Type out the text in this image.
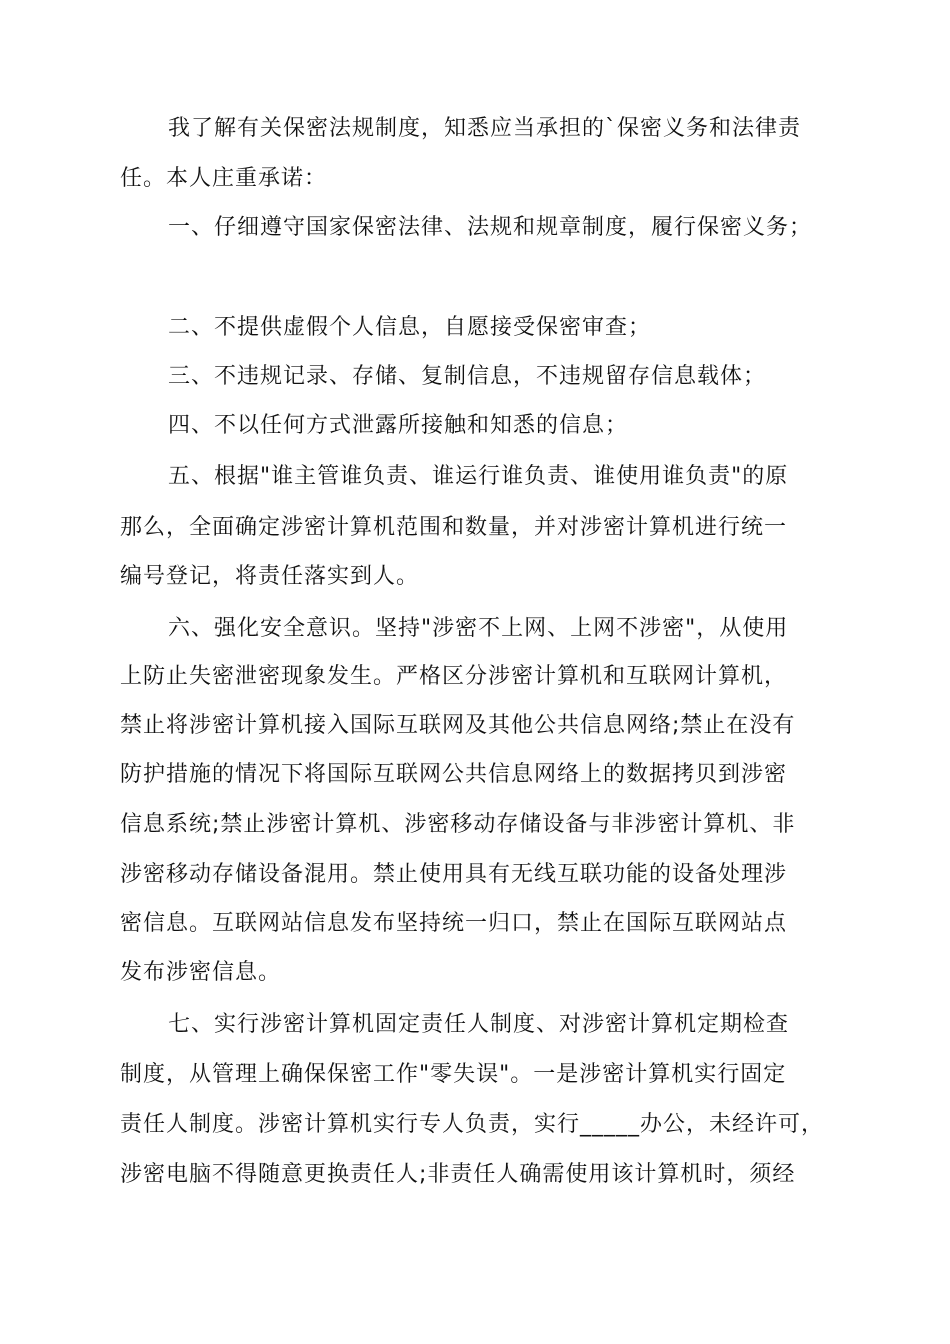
我了解有关保密法规制度，知悉应当承担的`保密义务和法律责
任。本人庄重承诺：
一、仔细遵守国家保密法律、法规和规章制度，履行保密义务；
二、不提供虚假个人信息，自愿接受保密审查；
三、不违规记录、存储、复制信息，不违规留存信息载体；
四、不以任何方式泄露所接触和知悉的信息；
五、根据"谁主管谁负责、谁运行谁负责、谁使用谁负责"的原
那么，全面确定涉密计算机范围和数量，并对涉密计算机进行统一
编号登记，将责任落实到人。
六、强化安全意识。坚持"涉密不上网、上网不涉密"，从使用
上防止失密泄密现象发生。严格区分涉密计算机和互联网计算机，
禁止将涉密计算机接入国际互联网及其他公共信息网络;禁止在没有
防护措施的情况下将国际互联网公共信息网络上的数据拷贝到涉密
信息系统;禁止涉密计算机、涉密移动存储设备与非涉密计算机、非
涉密移动存储设备混用。禁止使用具有无线互联功能的设备处理涉
密信息。互联网站信息发布坚持统一归口，禁止在国际互联网站点
发布涉密信息。
七、实行涉密计算机固定责任人制度、对涉密计算机定期检查
制度，从管理上确保保密工作"零失误"。一是涉密计算机实行固定
责任人制度。涉密计算机实行专人负责，实行_____办公，未经许可，
涉密电脑不得随意更换责任人;非责任人确需使用该计算机时，须经
